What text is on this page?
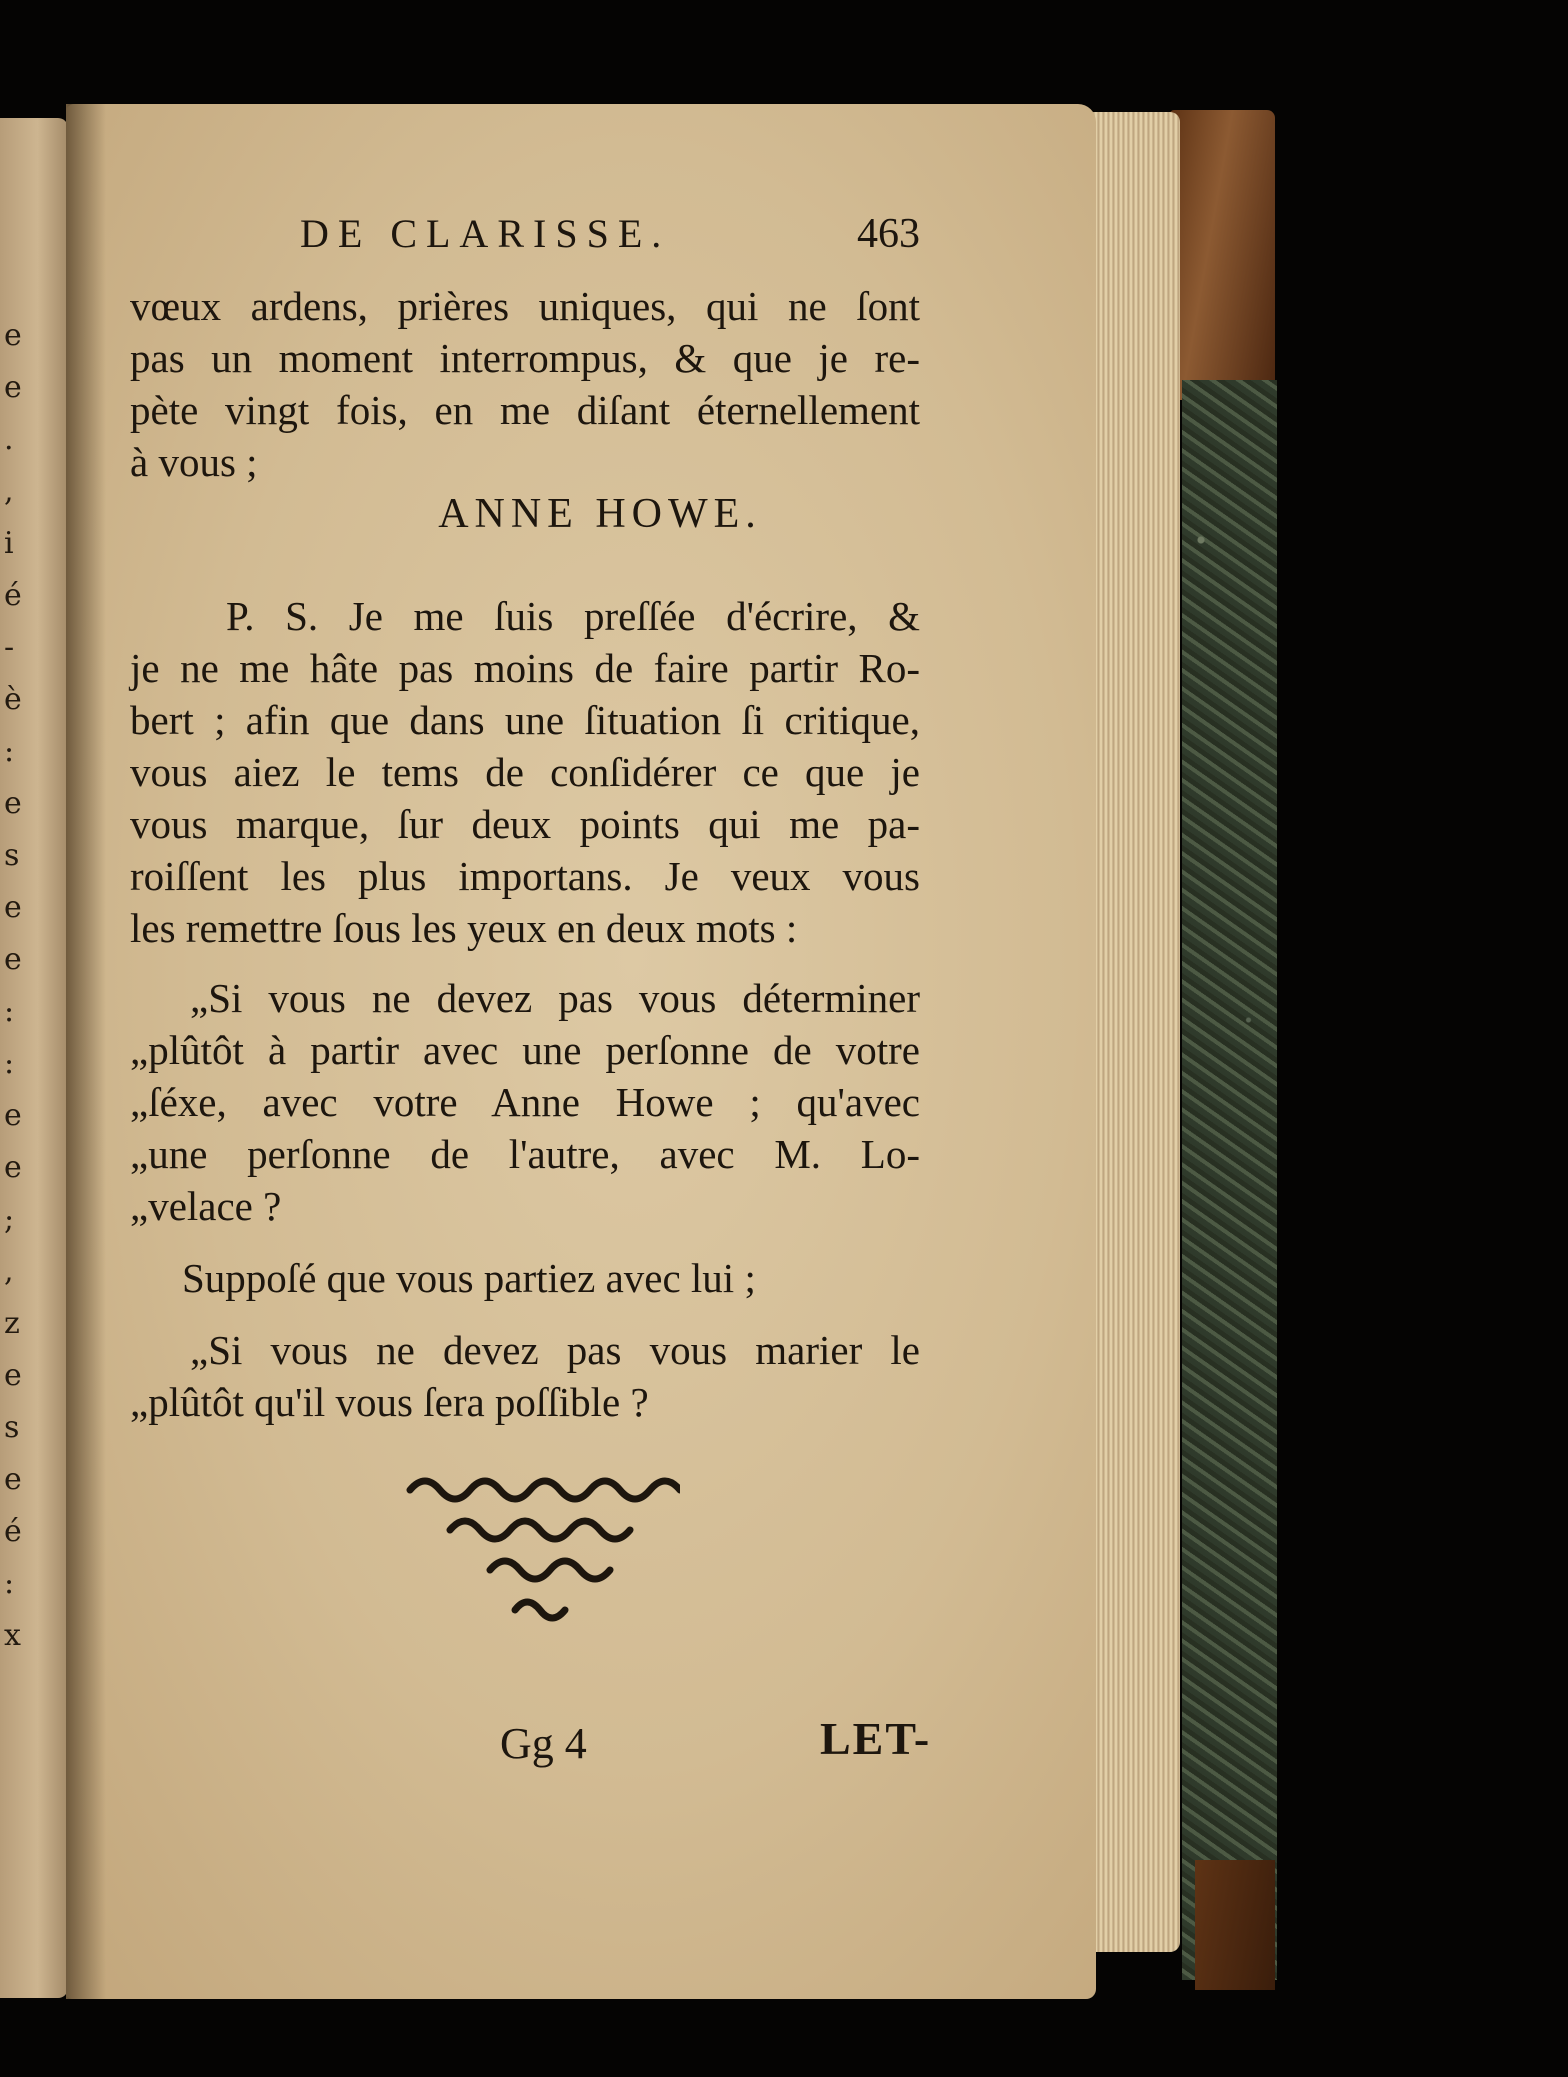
e
e
.
,
i
é
-
è
:
e
s
e
e
:
:
e
e
;
,
z
e
s
e
é
:
x
DE CLARISSE.	463
vœux ardens, prières uniques, qui ne ſont
pas un moment interrompus, & que je re-
pète vingt fois, en me diſant éternellement
à vous ;
ANNE HOWE.
P. S. Je me ſuis preſſée d'écrire, &
je ne me hâte pas moins de faire partir Ro-
bert ; afin que dans une ſituation ſi critique,
vous aiez le tems de conſidérer ce que je
vous marque, ſur deux points qui me pa-
roiſſent les plus importans. Je veux vous
les remettre ſous les yeux en deux mots :
„Si vous ne devez pas vous déterminer
„plûtôt à partir avec une perſonne de votre
„ſéxe, avec votre Anne Howe ; qu'avec
„une perſonne de l'autre, avec M. Lo-
„velace ?
Suppoſé que vous partiez avec lui ;
„Si vous ne devez pas vous marier le
„plûtôt qu'il vous ſera poſſible ?
Gg 4	LET-
